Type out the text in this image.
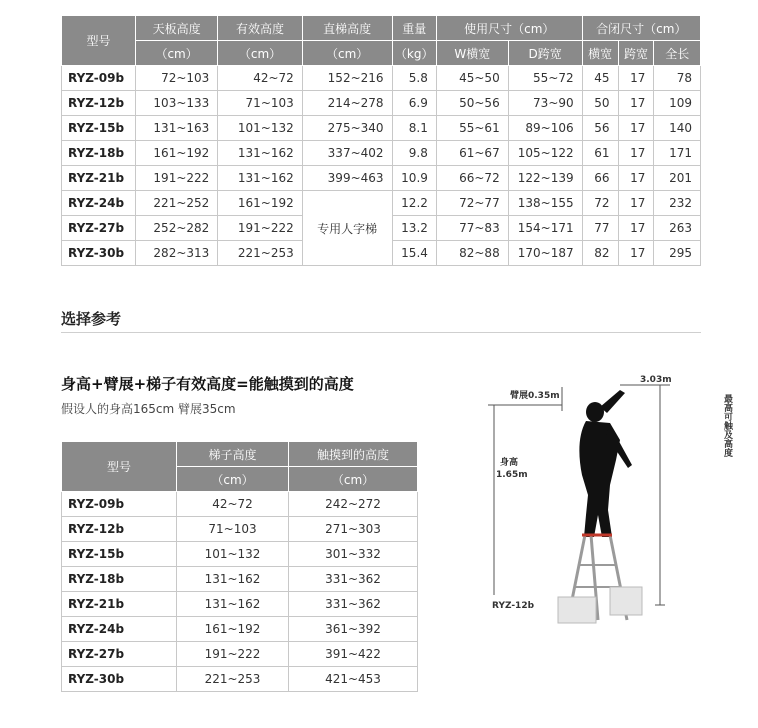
型号	天板高度	有效高度	直梯高度	重量	使用尺寸（cm）		合闭尺寸（cm）		
	（cm）	（cm）	（cm）	（kg）	W横宽	D跨宽	横宽	跨宽	全长
RYZ-09b	72~103	42~72	152~216	5.8	45~50	55~72	45	17	78
RYZ-12b	103~133	71~103	214~278	6.9	50~56	73~90	50	17	109
RYZ-15b	131~163	101~132	275~340	8.1	55~61	89~106	56	17	140
RYZ-18b	161~192	131~162	337~402	9.8	61~67	105~122	61	17	171
RYZ-21b	191~222	131~162	399~463	10.9	66~72	122~139	66	17	201
RYZ-24b	221~252	161~192	专用人字梯	12.2	72~77	138~155	72	17	232
RYZ-27b	252~282	191~222		13.2	77~83	154~171	77	17	263
RYZ-30b	282~313	221~253		15.4	82~88	170~187	82	17	295
选择参考
身高+臂展+梯子有效高度=能触摸到的高度
假设人的身高165cm 臂展35cm
型号	梯子高度	触摸到的高度
	（cm）	（cm）
RYZ-09b	42~72	242~272
RYZ-12b	71~103	271~303
RYZ-15b	101~132	301~332
RYZ-18b	131~162	331~362
RYZ-21b	131~162	331~362
RYZ-24b	161~192	361~392
RYZ-27b	191~222	391~422
RYZ-30b	221~253	421~453
3.03m
最高可触及高度
臂展0.35m
身高
1.65m
RYZ-12b
